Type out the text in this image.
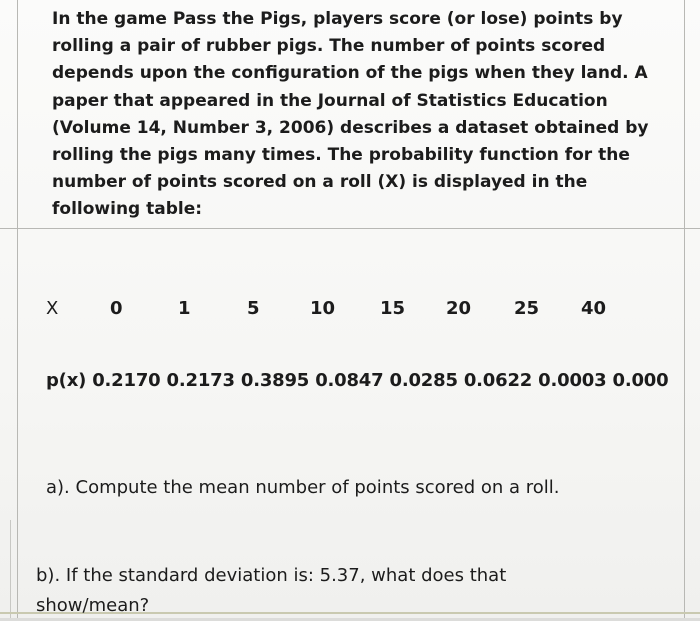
In the game Pass the Pigs, players score (or lose) points by
rolling a pair of rubber pigs. The number of points scored
depends upon the configuration of the pigs when they land. A
paper that appeared in the Journal of Statistics Education
(Volume 14, Number 3, 2006) describes a dataset obtained by
rolling the pigs many times. The probability function for the
number of points scored on a roll (X) is displayed in the
following table:
X	0	1	5	10 15 20 25 40
p(x) 0.2170 0.2173 0.3895 0.0847 0.0285 0.0622 0.0003 0.000
a). Compute the mean number of points scored on a roll.
b). If the standard deviation is: 5.37, what does that
show/mean?
